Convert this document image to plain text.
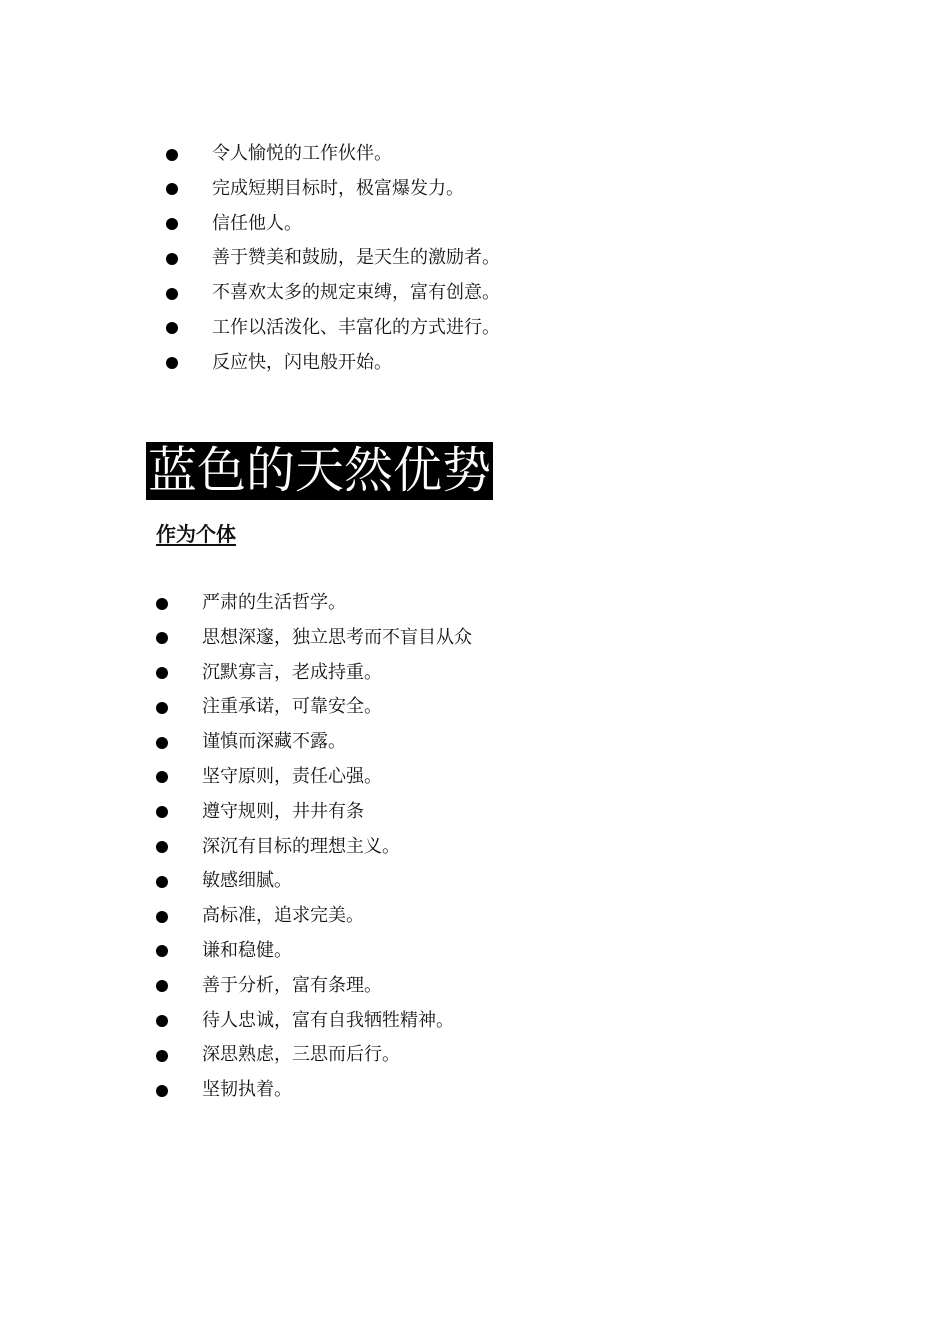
令人愉悦的工作伙伴。
完成短期目标时，极富爆发力。
信任他人。
善于赞美和鼓励，是天生的激励者。
不喜欢太多的规定束缚，富有创意。
工作以活泼化、丰富化的方式进行。
反应快，闪电般开始。
蓝色的天然优势
作为个体
严肃的生活哲学。
思想深邃，独立思考而不盲目从众
沉默寡言，老成持重。
注重承诺，可靠安全。
谨慎而深藏不露。
坚守原则，责任心强。
遵守规则，井井有条
深沉有目标的理想主义。
敏感细腻。
高标准，追求完美。
谦和稳健。
善于分析，富有条理。
待人忠诚，富有自我牺牲精神。
深思熟虑，三思而后行。
坚韧执着。
